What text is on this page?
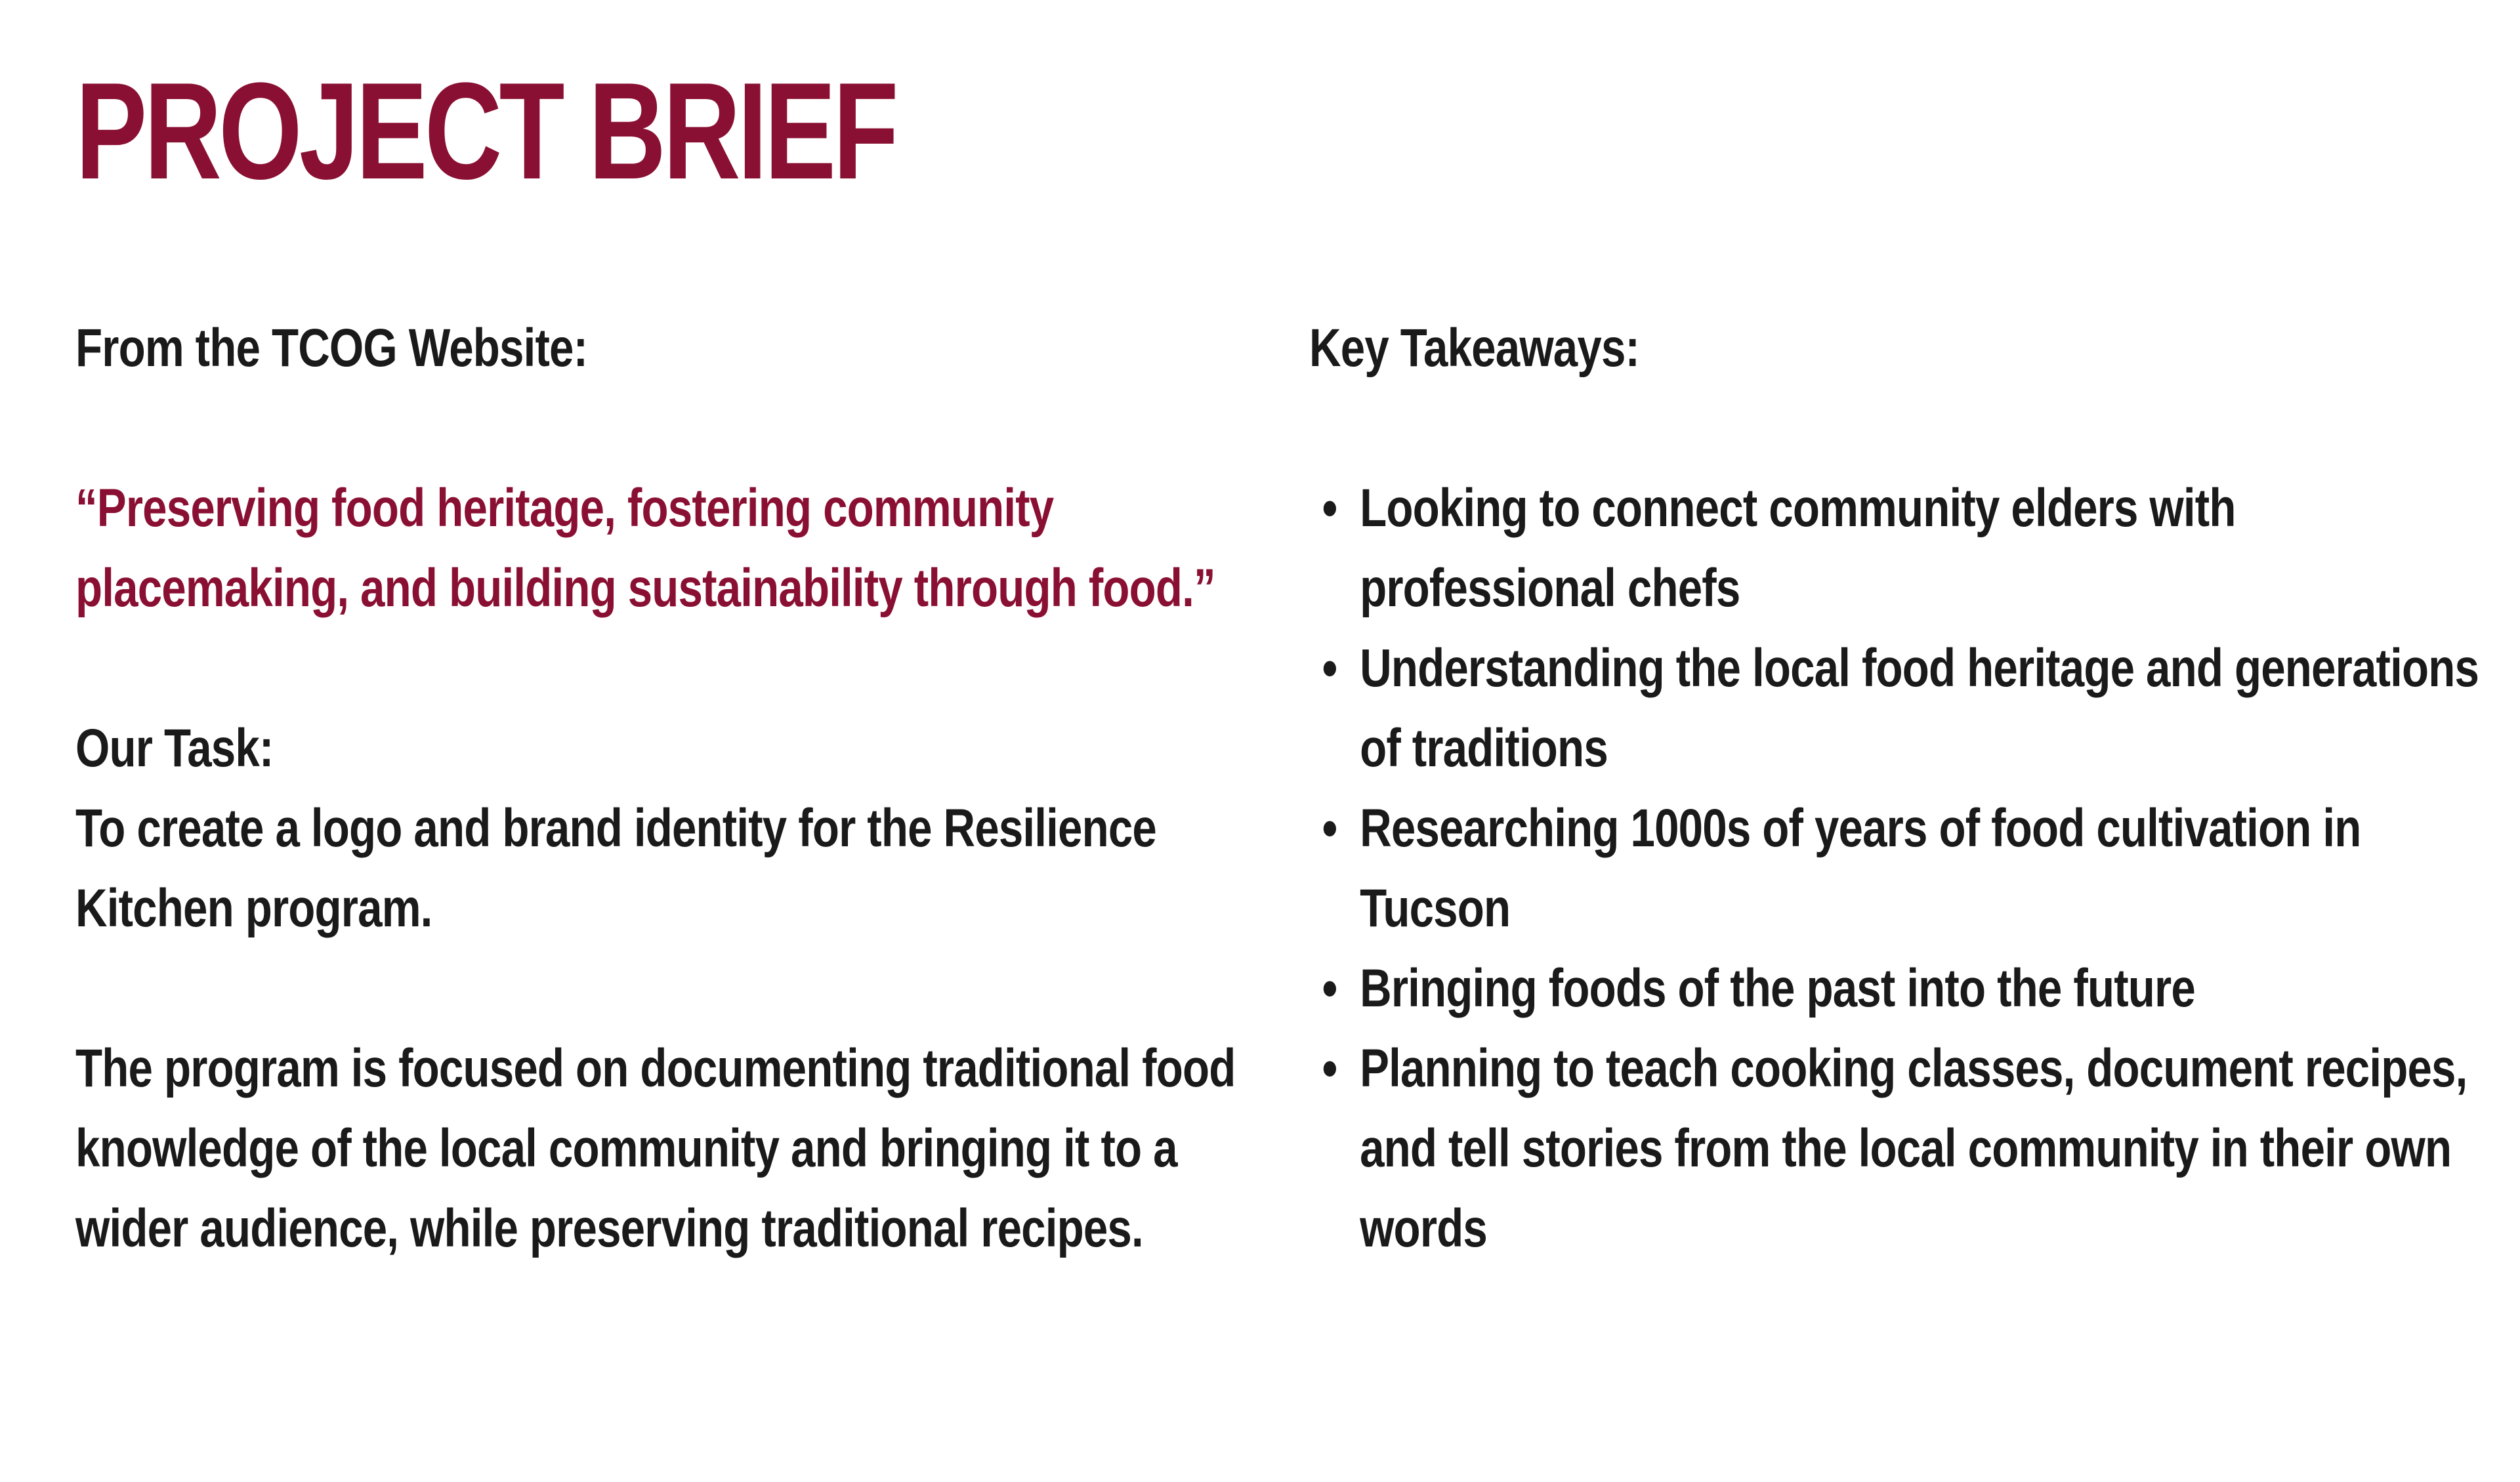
PROJECT BRIEF

From the TCOG Website:

“Preserving food heritage, fostering community

placemaking, and building sustainability through food.”

Our Task:

To create a logo and brand identity for the Resilience

Kitchen program.

The program is focused on documenting traditional food

knowledge of the local community and bringing it to a

wider audience, while preserving traditional recipes.

Key Takeaways:

• Looking to connect community elders with

professional chefs

• Understanding the local food heritage and generations

of traditions

• Researching 1000s of years of food cultivation in

Tucson

• Bringing foods of the past into the future

• Planning to teach cooking classes, document recipes,

and tell stories from the local community in their own

words
